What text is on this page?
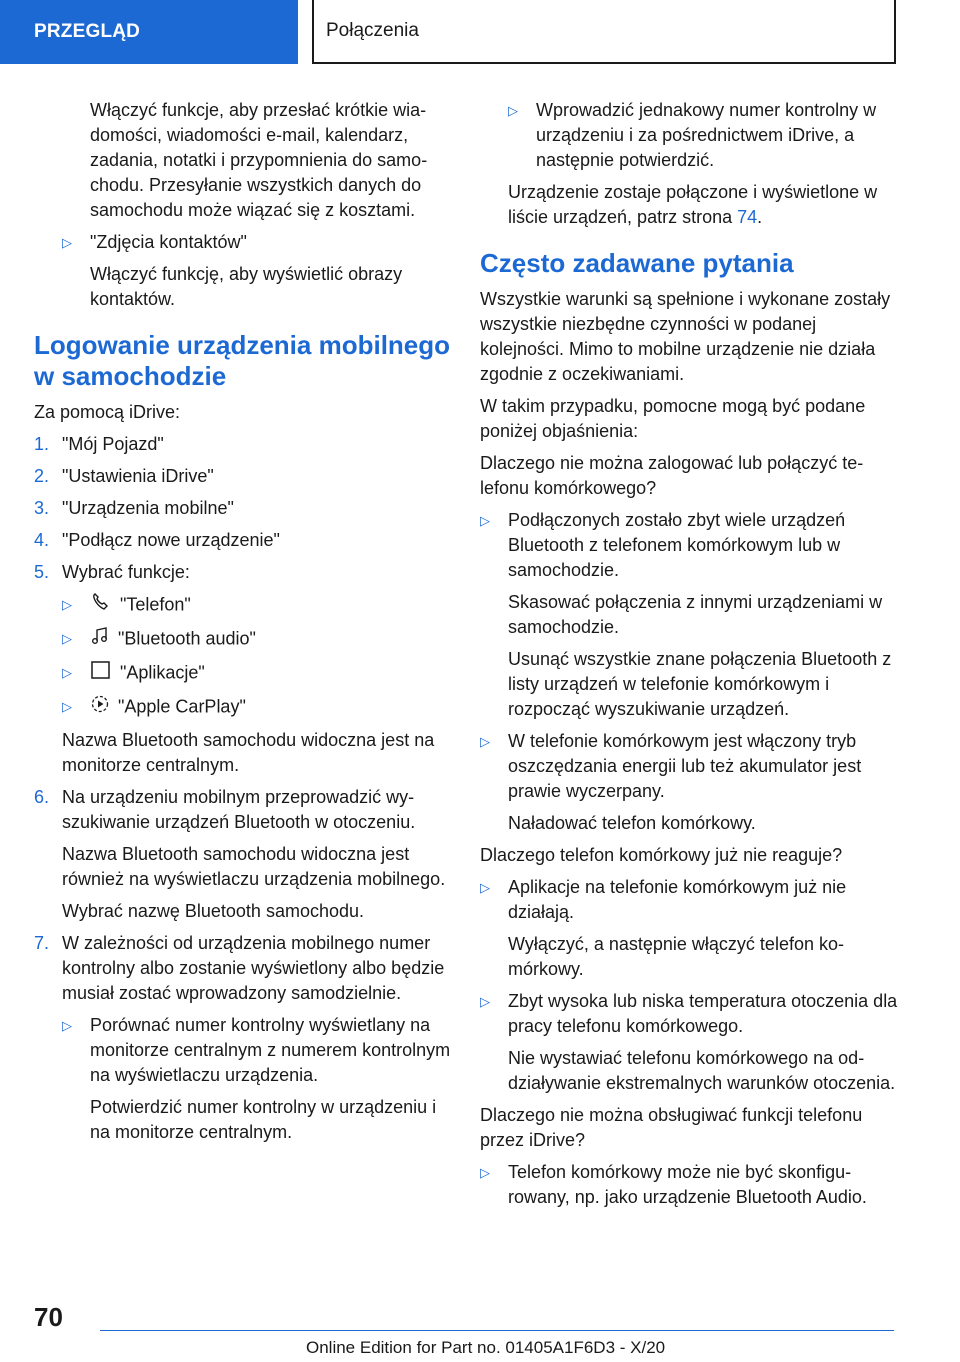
PRZEGLĄD	Połączenia

Włączyć funkcje, aby przesłać krótkie wiadomości, wiadomości e-mail, kalendarz, zadania, notatki i przypomnienia do samochodu. Przesyłanie wszystkich danych do samochodu może wiązać się z kosztami.

▷ "Zdjęcia kontaktów"

Włączyć funkcję, aby wyświetlić obrazy kontaktów.

Logowanie urządzenia mobilnego w samochodzie

Za pomocą iDrive:

1. "Mój Pojazd"
2. "Ustawienia iDrive"
3. "Urządzenia mobilne"
4. "Podłącz nowe urządzenie"
5. Wybrać funkcje:
▷	"Telefon"
▷	"Bluetooth audio"
▷	"Aplikacje"
▷	"Apple CarPlay"

Nazwa Bluetooth samochodu widoczna jest na monitorze centralnym.

6. Na urządzeniu mobilnym przeprowadzić wyszukiwanie urządzeń Bluetooth w otoczeniu.

Nazwa Bluetooth samochodu widoczna jest również na wyświetlaczu urządzenia mobilnego.

Wybrać nazwę Bluetooth samochodu.

7. W zależności od urządzenia mobilnego numer kontrolny albo zostanie wyświetlony albo będzie musiał zostać wprowadzony samodzielnie.
▷ Porównać numer kontrolny wyświetlany na monitorze centralnym z numerem kontrolnym na wyświetlaczu urządzenia.

Potwierdzić numer kontrolny w urządzeniu i na monitorze centralnym.

▷ Wprowadzić jednakowy numer kontrolny w urządzeniu i za pośrednictwem iDrive, a następnie potwierdzić.

Urządzenie zostaje połączone i wyświetlone w liście urządzeń, patrz strona 74.

Często zadawane pytania

Wszystkie warunki są spełnione i wykonane zostały wszystkie niezbędne czynności w podanej kolejności. Mimo to mobilne urządzenie nie działa zgodnie z oczekiwaniami.

W takim przypadku, pomocne mogą być podane poniżej objaśnienia:

Dlaczego nie można zalogować lub połączyć telefonu komórkowego?

▷ Podłączonych zostało zbyt wiele urządzeń Bluetooth z telefonem komórkowym lub w samochodzie.

Skasować połączenia z innymi urządzeniami w samochodzie.

Usunąć wszystkie znane połączenia Bluetooth z listy urządzeń w telefonie komórkowym i rozpocząć wyszukiwanie urządzeń.

▷ W telefonie komórkowym jest włączony tryb oszczędzania energii lub też akumulator jest prawie wyczerpany.

Naładować telefon komórkowy.

Dlaczego telefon komórkowy już nie reaguje?

▷ Aplikacje na telefonie komórkowym już nie działają.

Wyłączyć, a następnie włączyć telefon komórkowy.

▷ Zbyt wysoka lub niska temperatura otoczenia dla pracy telefonu komórkowego.

Nie wystawiać telefonu komórkowego na oddziaływanie ekstremalnych warunków otoczenia.

Dlaczego nie można obsługiwać funkcji telefonu przez iDrive?

▷ Telefon komórkowy może nie być skonfigurowany, np. jako urządzenie Bluetooth Audio.
70
Online Edition for Part no. 01405A1F6D3 - X/20
